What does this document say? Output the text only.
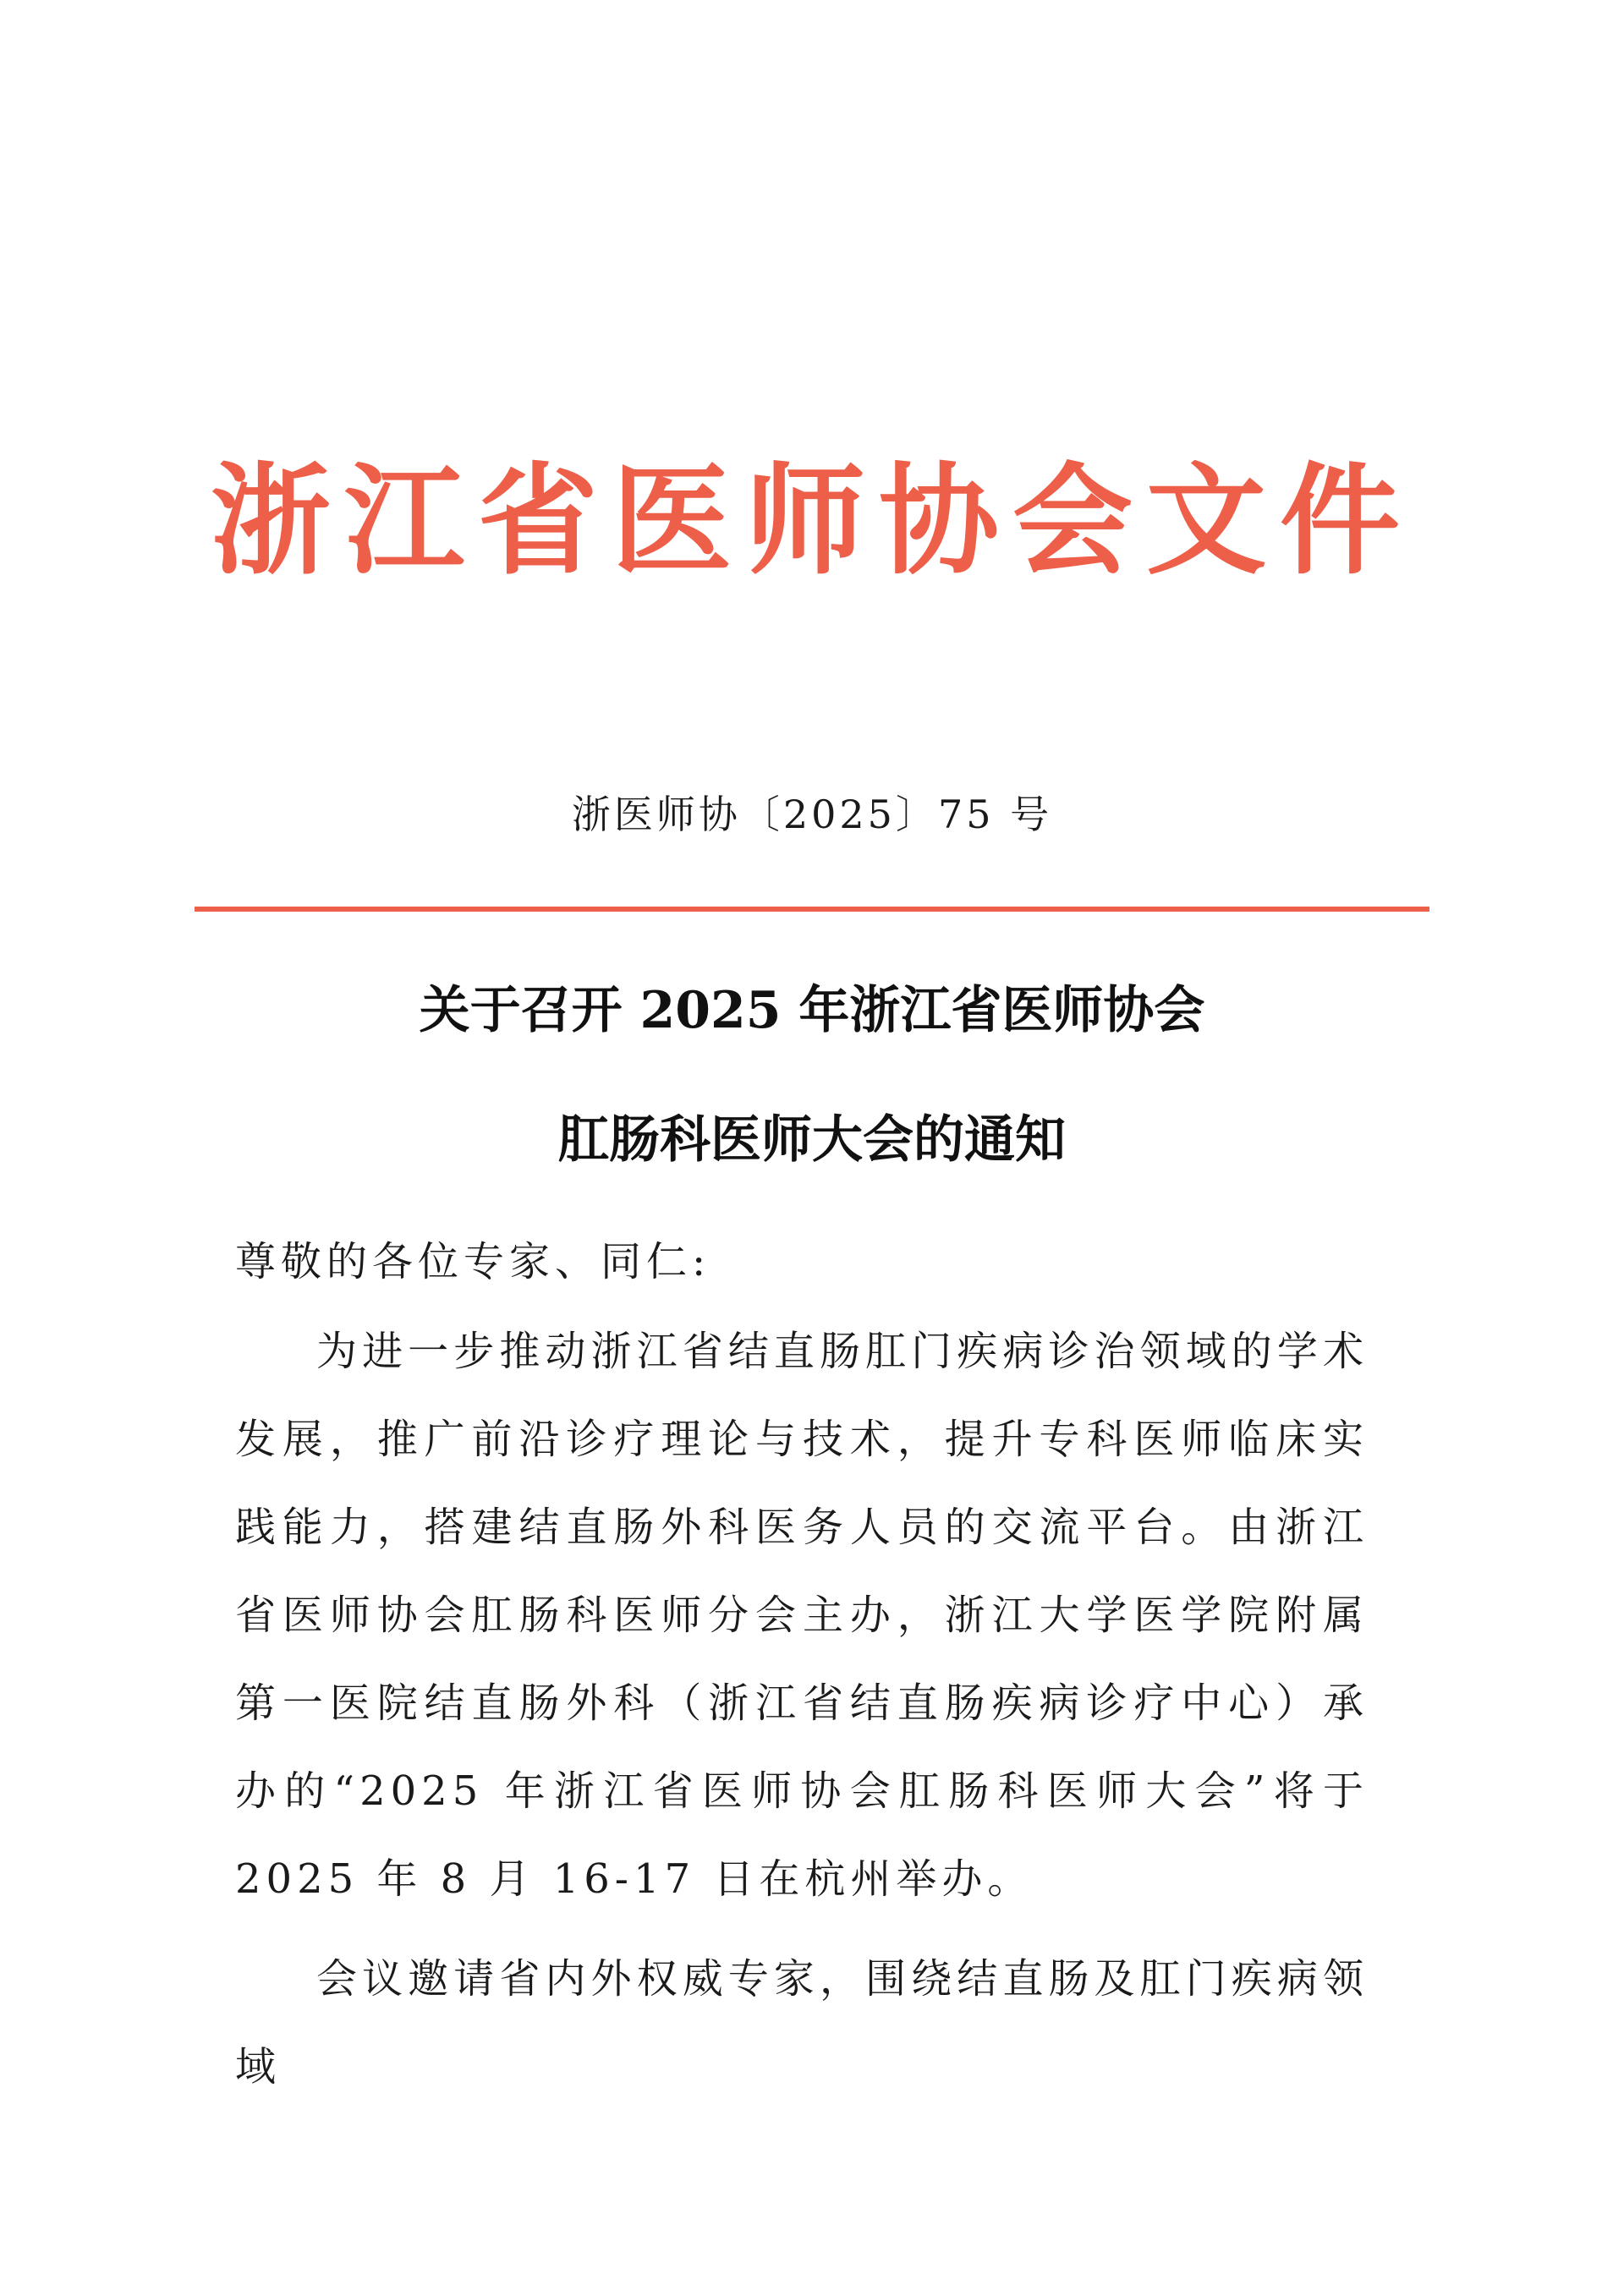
浙江省医师协会文件
浙医师协〔2025〕75 号
关于召开 2025 年浙江省医师协会
肛肠科医师大会的通知
尊敬的各位专家、同仁:

为进一步推动浙江省结直肠肛门疾病诊治领域的学术发展，推广前沿诊疗理论与技术，提升专科医师临床实践能力，搭建结直肠外科医务人员的交流平台。由浙江省医师协会肛肠科医师分会主办，浙江大学医学院附属第一医院结直肠外科（浙江省结直肠疾病诊疗中心）承办的“2025 年浙江省医师协会肛肠科医师大会”将于 2025 年 8 月 16-17 日在杭州举办。

会议邀请省内外权威专家，围绕结直肠及肛门疾病领域
